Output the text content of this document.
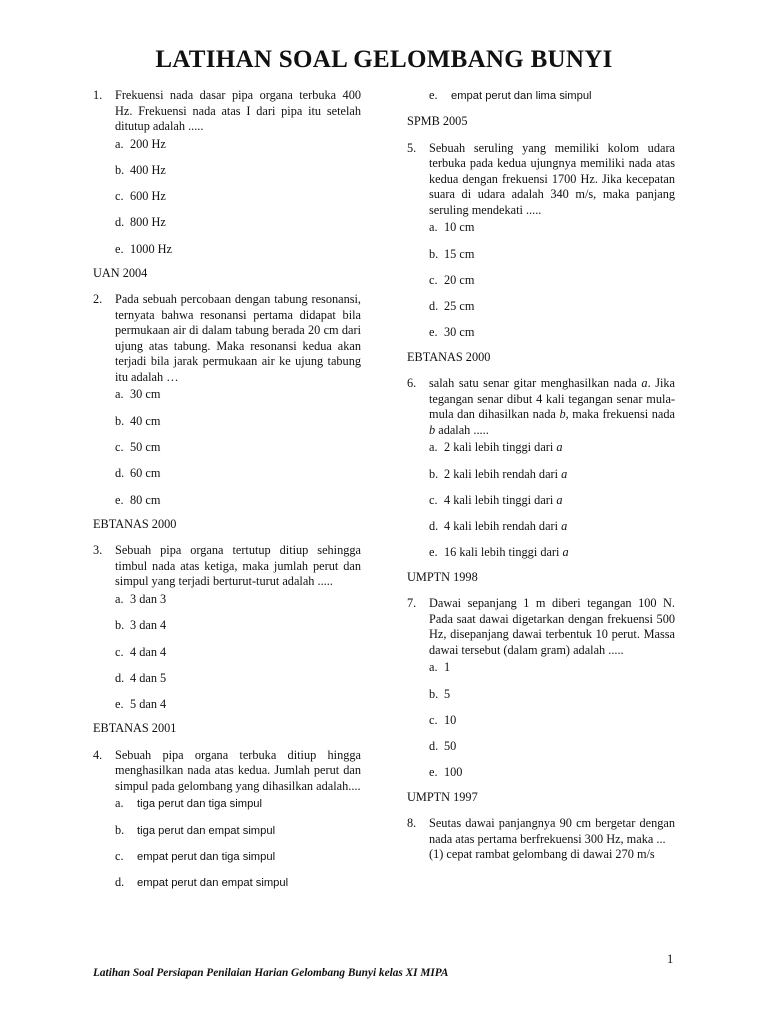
LATIHAN SOAL GELOMBANG BUNYI
1. Frekuensi nada dasar pipa organa terbuka 400 Hz. Frekuensi nada atas I dari pipa itu setelah ditutup adalah .....
a. 200 Hz
b. 400 Hz
c. 600 Hz
d. 800 Hz
e. 1000 Hz

UAN 2004

2. Pada sebuah percobaan dengan tabung resonansi, ternyata bahwa resonansi pertama didapat bila permukaan air di dalam tabung berada 20 cm dari ujung atas tabung. Maka resonansi kedua akan terjadi bila jarak permukaan air ke ujung tabung itu adalah …
a. 30 cm
b. 40 cm
c. 50 cm
d. 60 cm
e. 80 cm

EBTANAS 2000

3. Sebuah pipa organa tertutup ditiup sehingga timbul nada atas ketiga, maka jumlah perut dan simpul yang terjadi berturut-turut adalah .....
a. 3 dan 3
b. 3 dan 4
c. 4 dan 4
d. 4 dan 5
e. 5 dan 4

EBTANAS 2001

4. Sebuah pipa organa terbuka ditiup hingga menghasilkan nada atas kedua. Jumlah perut dan simpul pada gelombang yang dihasilkan adalah....
a. tiga perut dan tiga simpul
b. tiga perut dan empat simpul
c. empat perut dan tiga simpul
d. empat perut dan empat simpul
e. empat perut dan lima simpul

SPMB 2005

5. Sebuah seruling yang memiliki kolom udara terbuka pada kedua ujungnya memiliki nada atas kedua dengan frekuensi 1700 Hz. Jika kecepatan suara di udara adalah 340 m/s, maka panjang seruling mendekati .....
a. 10 cm
b. 15 cm
c. 20 cm
d. 25 cm
e. 30 cm

EBTANAS 2000

6. salah satu senar gitar menghasilkan nada a. Jika tegangan senar dibut 4 kali tegangan senar mula-mula dan dihasilkan nada b, maka frekuensi nada b adalah .....
a. 2 kali lebih tinggi dari a
b. 2 kali lebih rendah dari a
c. 4 kali lebih tinggi dari a
d. 4 kali lebih rendah dari a
e. 16 kali lebih tinggi dari a

UMPTN 1998

7. Dawai sepanjang 1 m diberi tegangan 100 N. Pada saat dawai digetarkan dengan frekuensi 500 Hz, disepanjang dawai terbentuk 10 perut. Massa dawai tersebut (dalam gram) adalah .....
a. 1
b. 5
c. 10
d. 50
e. 100

UMPTN 1997

8. Seutas dawai panjangnya 90 cm bergetar dengan nada atas pertama berfrekuensi 300 Hz, maka ...
(1) cepat rambat gelombang di dawai 270 m/s
1
Latihan Soal Persiapan Penilaian Harian Gelombang Bunyi kelas XI MIPA
